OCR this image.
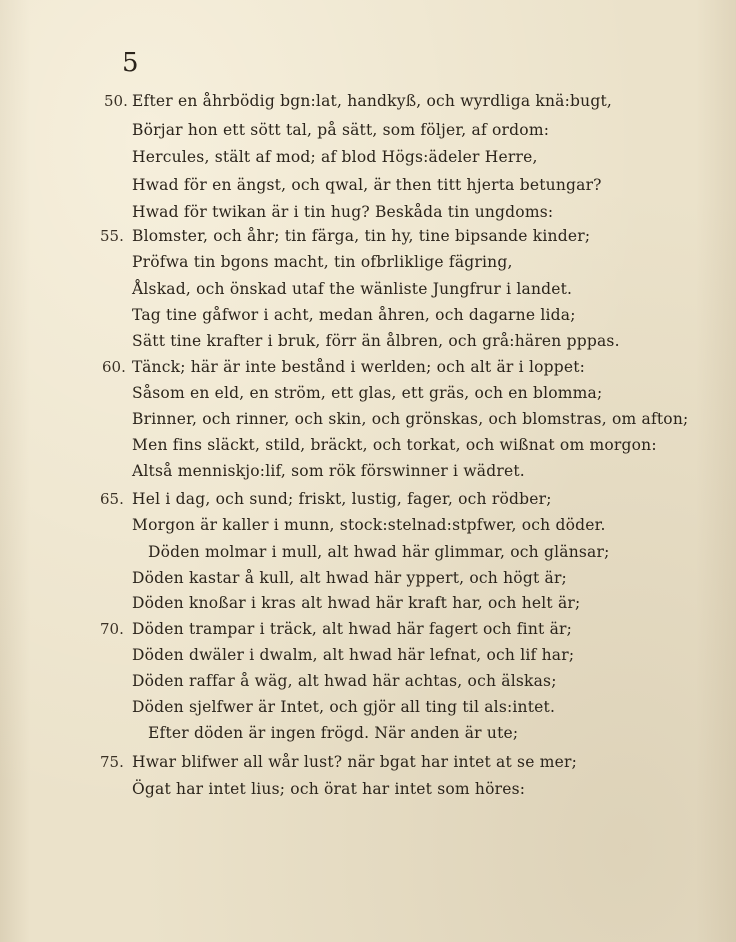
5
50. Efter en åhrbödig bgn:lat, handkyß, och wyrdliga knä:bugt,
Börjar hon ett sött tal, på sätt, som följer, af ordom:
Hercules, stält af mod; af blod Högs:ädeler Herre,
Hwad för en ängst, och qwal, är then titt hjerta betungar?
Hwad för twikan är i tin hug? Beskåda tin ungdoms:
55. Blomster, och åhr; tin färga, tin hy, tine bipsande kinder;
Pröfwa tin bgons macht, tin ofbrliklige fägring,
Ålskad, och önskad utaf the wänliste Jungfrur i landet.
Tag tine gåfwor i acht, medan åhren, och dagarne lida;
Sätt tine krafter i bruk, förr än ålbren, och grå:hären pppas.
60. Tänck; här är inte bestånd i werlden; och alt är i loppet:
Såsom en eld, en ström, ett glas, ett gräs, och en blomma;
Brinner, och rinner, och skin, och grönskas, och blomstras, om afton;
Men fins släckt, stild, bräckt, och torkat, och wißnat om morgon:
Altså menniskjo:lif, som rök förswinner i wädret.
65. Hel i dag, och sund; friskt, lustig, fager, och rödber;
Morgon är kaller i munn, stock:stelnad:stpfwer, och döder.
Döden molmar i mull, alt hwad här glimmar, och glänsar;
Döden kastar å kull, alt hwad här yppert, och högt är;
Döden knoßar i kras alt hwad här kraft har, och helt är;
70. Döden trampar i träck, alt hwad här fagert och fint är;
Döden dwäler i dwalm, alt hwad här lefnat, och lif har;
Döden raffar å wäg, alt hwad här achtas, och älskas;
Döden sjelfwer är Intet, och gjör all ting til als:intet.
Efter döden är ingen frögd. När anden är ute;
75. Hwar blifwer all wår lust? när bgat har intet at se mer;
Ögat har intet lius; och örat har intet som höres:
